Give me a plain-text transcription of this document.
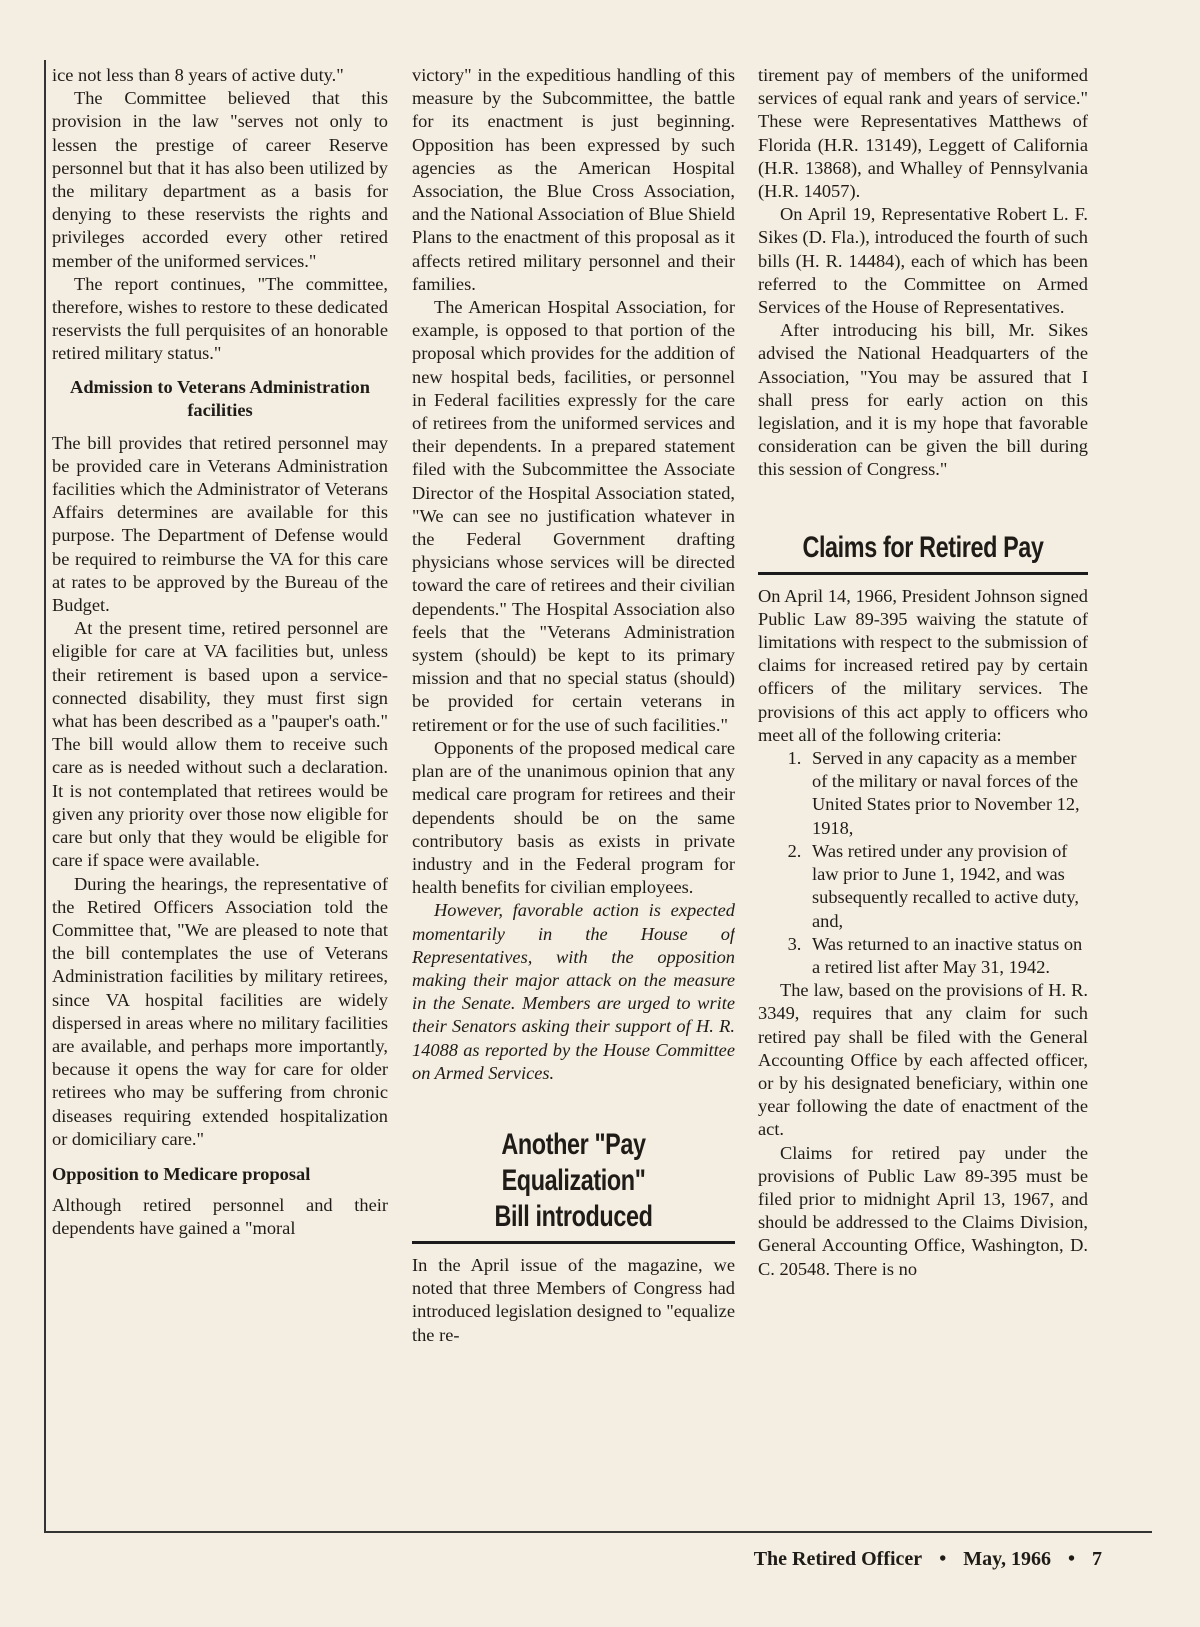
ice not less than 8 years of active duty."

The Committee believed that this provision in the law "serves not only to lessen the prestige of career Reserve personnel but that it has also been utilized by the military department as a basis for denying to these reservists the rights and privileges accorded every other retired member of the uniformed services."

The report continues, "The committee, therefore, wishes to restore to these dedicated reservists the full perquisites of an honorable retired military status."

Admission to Veterans Administration facilities

The bill provides that retired personnel may be provided care in Veterans Administration facilities which the Administrator of Veterans Affairs determines are available for this purpose. The Department of Defense would be required to reimburse the VA for this care at rates to be approved by the Bureau of the Budget.

At the present time, retired personnel are eligible for care at VA facilities but, unless their retirement is based upon a service-connected disability, they must first sign what has been described as a "pauper's oath." The bill would allow them to receive such care as is needed without such a declaration. It is not contemplated that retirees would be given any priority over those now eligible for care but only that they would be eligible for care if space were available.

During the hearings, the representative of the Retired Officers Association told the Committee that, "We are pleased to note that the bill contemplates the use of Veterans Administration facilities by military retirees, since VA hospital facilities are widely dispersed in areas where no military facilities are available, and perhaps more importantly, because it opens the way for care for older retirees who may be suffering from chronic diseases requiring extended hospitalization or domiciliary care."

Opposition to Medicare proposal

Although retired personnel and their dependents have gained a "moral

victory" in the expeditious handling of this measure by the Subcommittee, the battle for its enactment is just beginning. Opposition has been expressed by such agencies as the American Hospital Association, the Blue Cross Association, and the National Association of Blue Shield Plans to the enactment of this proposal as it affects retired military personnel and their families.

The American Hospital Association, for example, is opposed to that portion of the proposal which provides for the addition of new hospital beds, facilities, or personnel in Federal facilities expressly for the care of retirees from the uniformed services and their dependents. In a prepared statement filed with the Subcommittee the Associate Director of the Hospital Association stated, "We can see no justification whatever in the Federal Government drafting physicians whose services will be directed toward the care of retirees and their civilian dependents." The Hospital Association also feels that the "Veterans Administration system (should) be kept to its primary mission and that no special status (should) be provided for certain veterans in retirement or for the use of such facilities."

Opponents of the proposed medical care plan are of the unanimous opinion that any medical care program for retirees and their dependents should be on the same contributory basis as exists in private industry and in the Federal program for health benefits for civilian employees.

However, favorable action is expected momentarily in the House of Representatives, with the opposition making their major attack on the measure in the Senate. Members are urged to write their Senators asking their support of H. R. 14088 as reported by the House Committee on Armed Services.

Another "Pay Equalization"
Bill introduced

In the April issue of the magazine, we noted that three Members of Congress had introduced legislation designed to "equalize the re-

tirement pay of members of the uniformed services of equal rank and years of service." These were Representatives Matthews of Florida (H.R. 13149), Leggett of California (H.R. 13868), and Whalley of Pennsylvania (H.R. 14057).

On April 19, Representative Robert L. F. Sikes (D. Fla.), introduced the fourth of such bills (H. R. 14484), each of which has been referred to the Committee on Armed Services of the House of Representatives.

After introducing his bill, Mr. Sikes advised the National Headquarters of the Association, "You may be assured that I shall press for early action on this legislation, and it is my hope that favorable consideration can be given the bill during this session of Congress."

Claims for Retired Pay

On April 14, 1966, President Johnson signed Public Law 89-395 waiving the statute of limitations with respect to the submission of claims for increased retired pay by certain officers of the military services. The provisions of this act apply to officers who meet all of the following criteria:

1. Served in any capacity as a member of the military or naval forces of the United States prior to November 12, 1918,
2. Was retired under any provision of law prior to June 1, 1942, and was subsequently recalled to active duty, and,
3. Was returned to an inactive status on a retired list after May 31, 1942.

The law, based on the provisions of H. R. 3349, requires that any claim for such retired pay shall be filed with the General Accounting Office by each affected officer, or by his designated beneficiary, within one year following the date of enactment of the act.

Claims for retired pay under the provisions of Public Law 89-395 must be filed prior to midnight April 13, 1967, and should be addressed to the Claims Division, General Accounting Office, Washington, D. C. 20548. There is no

The Retired Officer • May, 1966 • 7
